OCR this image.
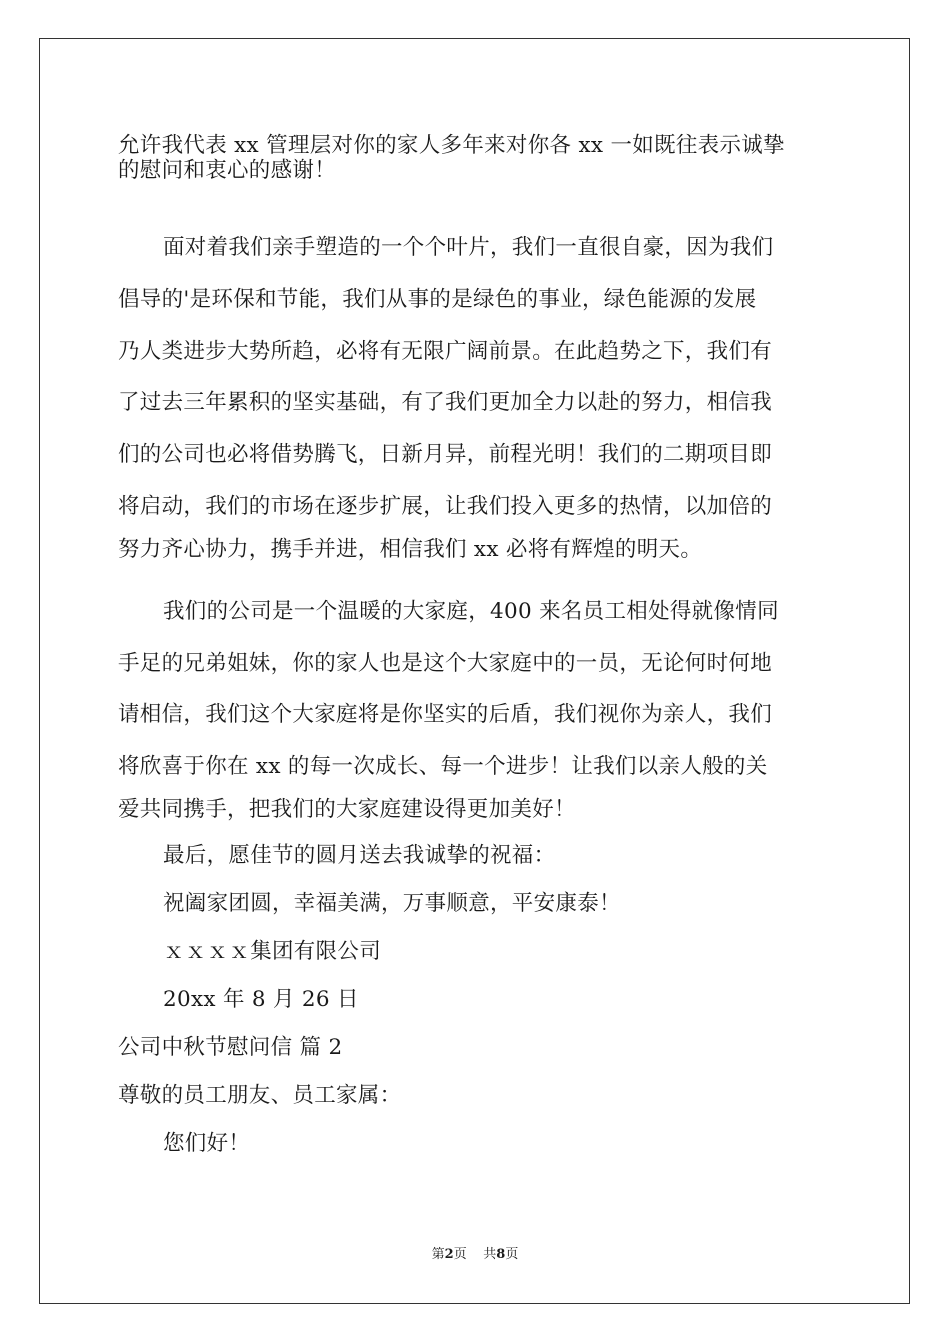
允许我代表 xx 管理层对你的家人多年来对你各 xx 一如既往表示诚挚
的慰问和衷心的感谢！
面对着我们亲手塑造的一个个叶片，我们一直很自豪，因为我们
倡导的'是环保和节能，我们从事的是绿色的事业，绿色能源的发展
乃人类进步大势所趋，必将有无限广阔前景。在此趋势之下，我们有
了过去三年累积的坚实基础，有了我们更加全力以赴的努力，相信我
们的公司也必将借势腾飞，日新月异，前程光明！我们的二期项目即
将启动，我们的市场在逐步扩展，让我们投入更多的热情，以加倍的
努力齐心协力，携手并进，相信我们 xx 必将有辉煌的明天。
我们的公司是一个温暖的大家庭，400 来名员工相处得就像情同
手足的兄弟姐妹，你的家人也是这个大家庭中的一员，无论何时何地
请相信，我们这个大家庭将是你坚实的后盾，我们视你为亲人，我们
将欣喜于你在 xx 的每一次成长、每一个进步！让我们以亲人般的关
爱共同携手，把我们的大家庭建设得更加美好！
最后，愿佳节的圆月送去我诚挚的祝福：
祝阖家团圆，幸福美满，万事顺意，平安康泰！
ｘｘｘｘ集团有限公司
20xx 年 8 月 26 日
公司中秋节慰问信 篇 2
尊敬的员工朋友、员工家属：
您们好！
第2页 共8页
